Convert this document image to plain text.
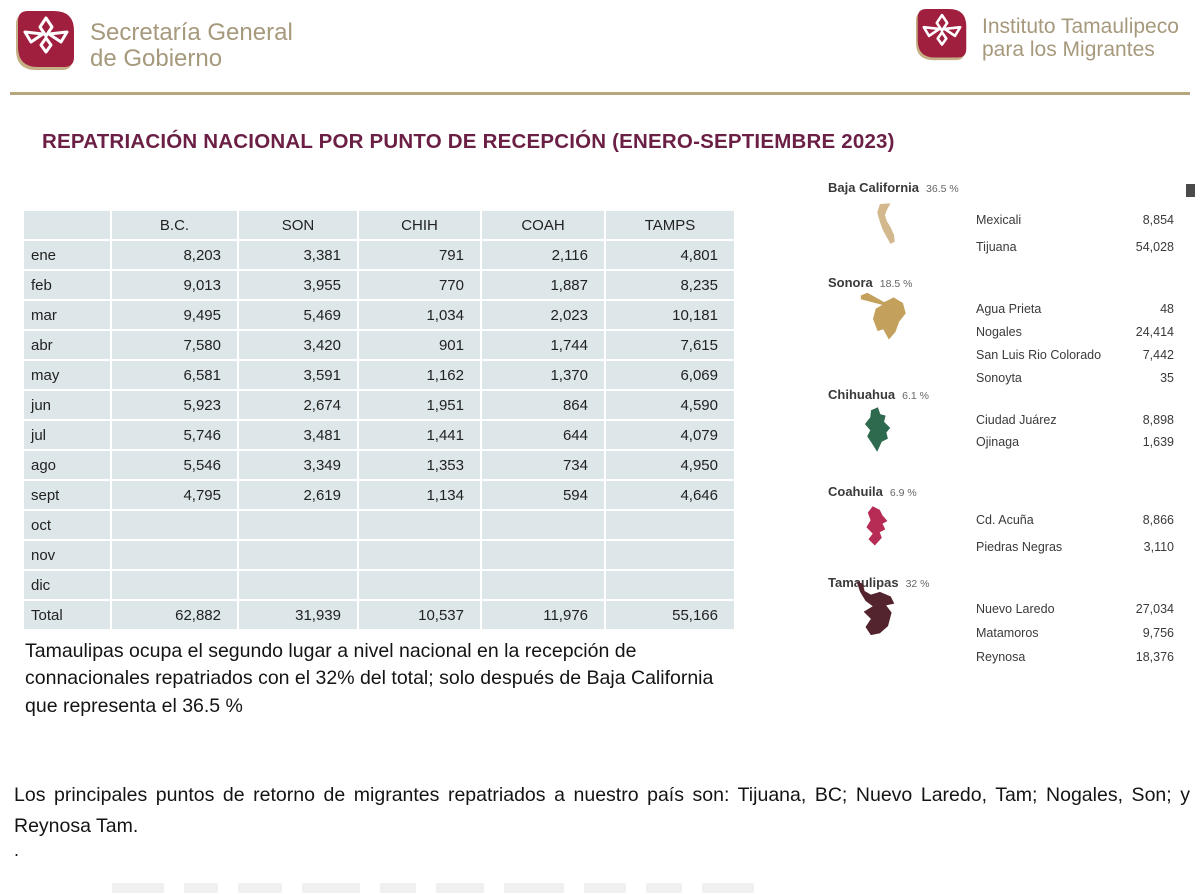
Secretaría General
de Gobierno
Instituto Tamaulipeco
para los Migrantes
REPATRIACIÓN NACIONAL POR PUNTO DE RECEPCIÓN (ENERO-SEPTIEMBRE 2023)
	B.C.	SON	CHIH	COAH	TAMPS
ene	8,203	3,381	791	2,116	4,801
feb	9,013	3,955	770	1,887	8,235
mar	9,495	5,469	1,034	2,023	10,181
abr	7,580	3,420	901	1,744	7,615
may	6,581	3,591	1,162	1,370	6,069
jun	5,923	2,674	1,951	864	4,590
jul	5,746	3,481	1,441	644	4,079
ago	5,546	3,349	1,353	734	4,950
sept	4,795	2,619	1,134	594	4,646
oct					
nov					
dic					
Total	62,882	31,939	10,537	11,976	55,166

Tamaulipas ocupa el segundo lugar a nivel nacional en la recepción de connacionales repatriados con el 32% del total; solo después de Baja California que representa el 36.5 %

Baja California 36.5 %
Mexicali	8,854
Tijuana	54,028
Sonora 18.5 %
Agua Prieta	48
Nogales	24,414
San Luis Rio Colorado	7,442
Sonoyta	35
Chihuahua 6.1 %
Ciudad Juárez	8,898
Ojinaga	1,639
Coahuila 6.9 %
Cd. Acuña	8,866
Piedras Negras	3,110
Tamaulipas 32 %
Nuevo Laredo	27,034
Matamoros	9,756
Reynosa	18,376

Los principales puntos de retorno de migrantes repatriados a nuestro país son: Tijuana, BC; Nuevo Laredo, Tam; Nogales, Son; y Reynosa Tam.

.
